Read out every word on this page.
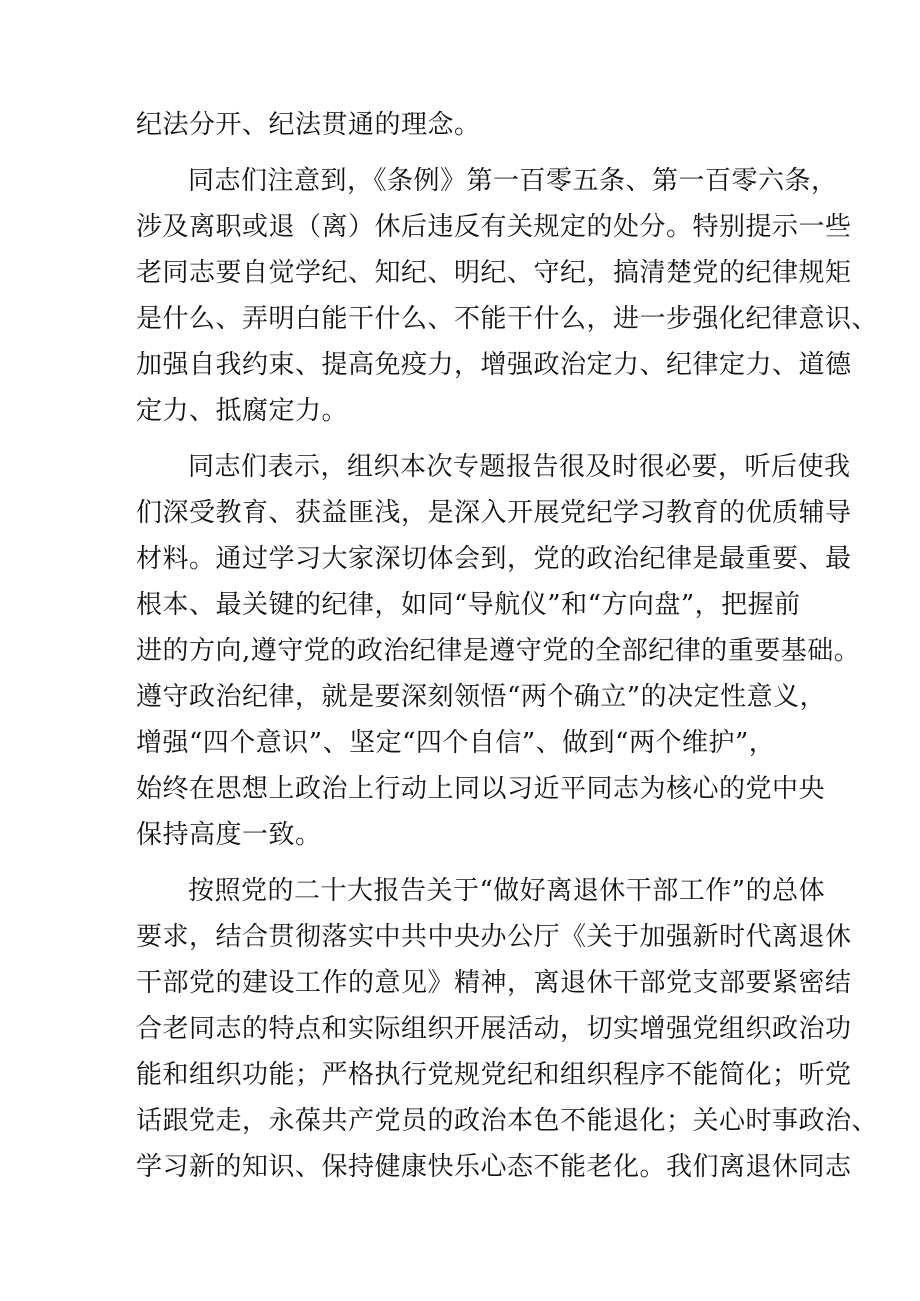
纪法分开、纪法贯通的理念。
同志们注意到，《条例》第一百零五条、第一百零六条，
涉及离职或退（离）休后违反有关规定的处分。特别提示一些
老同志要自觉学纪、知纪、明纪、守纪，搞清楚党的纪律规矩
是什么、弄明白能干什么、不能干什么，进一步强化纪律意识、
加强自我约束、提高免疫力，增强政治定力、纪律定力、道德
定力、抵腐定力。
同志们表示，组织本次专题报告很及时很必要，听后使我
们深受教育、获益匪浅，是深入开展党纪学习教育的优质辅导
材料。通过学习大家深切体会到，党的政治纪律是最重要、最
根本、最关键的纪律，如同“导航仪”和“方向盘”，把握前
进的方向,遵守党的政治纪律是遵守党的全部纪律的重要基础。
遵守政治纪律，就是要深刻领悟“两个确立”的决定性意义，
增强“四个意识”、坚定“四个自信”、做到“两个维护”，
始终在思想上政治上行动上同以习近平同志为核心的党中央
保持高度一致。
按照党的二十大报告关于“做好离退休干部工作”的总体
要求，结合贯彻落实中共中央办公厅《关于加强新时代离退休
干部党的建设工作的意见》精神，离退休干部党支部要紧密结
合老同志的特点和实际组织开展活动，切实增强党组织政治功
能和组织功能；严格执行党规党纪和组织程序不能简化；听党
话跟党走，永葆共产党员的政治本色不能退化；关心时事政治、
学习新的知识、保持健康快乐心态不能老化。我们离退休同志
